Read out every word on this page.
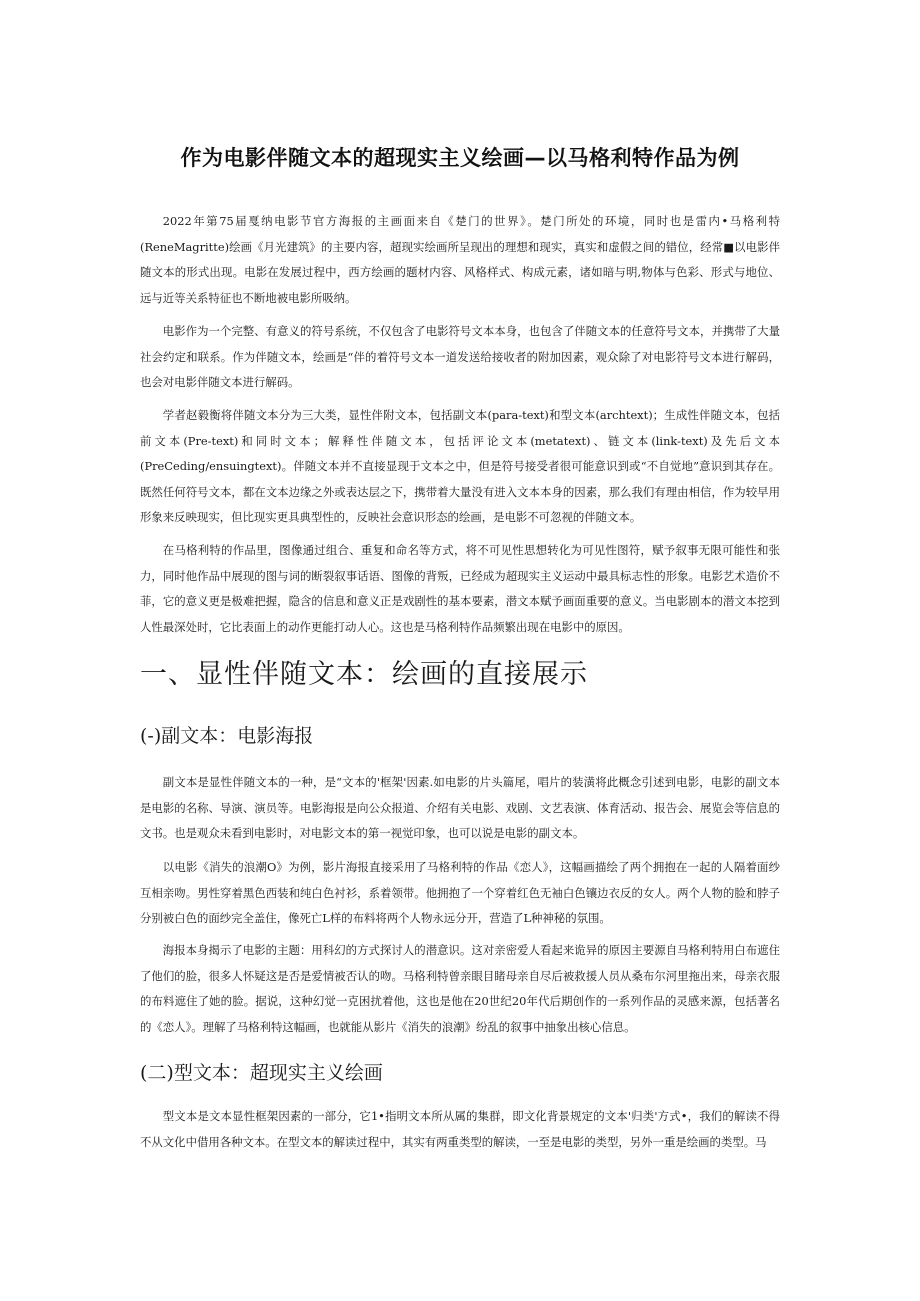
作为电影伴随文本的超现实主义绘画—以马格利特作品为例

2022年第75届戛纳电影节官方海报的主画面来自《楚门的世界》。楚门所处的环境，同时也是雷内•马格利特(ReneMagritte)绘画《月光建筑》的主要内容，超现实绘画所呈现出的理想和现实，真实和虚假之间的错位，经常■以电影伴随文本的形式出现。电影在发展过程中，西方绘画的题材内容、风格样式、构成元素，诸如暗与明,物体与色彩、形式与地位、远与近等关系特征也不断地被电影所吸纳。

电影作为一个完整、有意义的符号系统，不仅包含了电影符号文本本身，也包含了伴随文本的任意符号文本，并携带了大量社会约定和联系。作为伴随文本，绘画是“伴的着符号文本一道发送给接收者的附加因素，观众除了对电影符号文本进行解码，也会对电影伴随文本进行解码。

学者赵毅衡将伴随文本分为三大类，显性伴附文本，包括副文本(para-text)和型文本(archtext)；生成性伴随文本，包括前文本(Pre-text)和同时文本；解释性伴随文本，包括评论文本(metatext)、链文本(link-text)及先后文本(PreCeding/ensuingtext)。伴随文本并不直接显现于文本之中，但是符号接受者很可能意识到或“不自觉地”意识到其存在。既然任何符号文本，都在文本边缘之外或表达层之下，携带着大量没有进入文本本身的因素，那么我们有理由相信，作为较早用形象来反映现实，但比现实更具典型性的，反映社会意识形态的绘画，是电影不可忽视的伴随文本。

在马格利特的作品里，图像通过组合、重复和命名等方式，将不可见性思想转化为可见性图符，赋予叙事无限可能性和张力，同时他作品中展现的图与词的断裂叙事话语、图像的背叛，已经成为超现实主义运动中最具标志性的形象。电影艺术造价不菲，它的意义更是极难把握，隐含的信息和意义正是戏剧性的基本要素，潜文本赋予画面重要的意义。当电影剧本的潜文本挖到人性最深处时，它比表面上的动作更能打动人心。这也是马格利特作品频繁出现在电影中的原因。

一、显性伴随文本：绘画的直接展示
(-)副文本：电影海报

副文本是显性伴随文本的一种，是“文本的'框架'因素.如电影的片头篇尾，唱片的装潢将此概念引述到电影，电影的副文本是电影的名称、导演、演员等。电影海报是向公众报道、介绍有关电影、戏剧、文艺表演、体育活动、报告会、展览会等信息的文书。也是观众未看到电影时，对电影文本的第一视觉印象，也可以说是电影的副文本。

以电影《消失的浪潮O》为例，影片海报直接采用了马格利特的作品《恋人》，这幅画描绘了两个拥抱在一起的人隔着面纱互相亲吻。男性穿着黑色西装和纯白色衬衫，系着领带。他拥抱了一个穿着红色无袖白色镶边衣反的女人。两个人物的脸和脖子分别被白色的面纱完全盖住，像死亡L样的布料将两个人物永远分开，营造了L种神秘的氛围。

海报本身揭示了电影的主题：用科幻的方式探讨人的潜意识。这对亲密爱人看起来诡异的原因主要源自马格利特用白布遮住了他们的脸，很多人怀疑这是否是爱情被否认的吻。马格利特曾亲眼目睹母亲自尽后被救援人员从桑布尔河里拖出来，母亲衣服的布料遮住了她的脸。据说，这种幻觉一克困扰着他，这也是他在20世纪20年代后期创作的一系列作品的灵感来源，包括著名的《恋人》。理解了马格利特这幅画，也就能从影片《消失的浪潮》纷乱的叙事中抽象出核心信息。

(二)型文本：超现实主义绘画

型文本是文本显性框架因素的一部分，它1•指明文本所从属的集群，即文化背景规定的文本'归类'方式•，我们的解读不得不从文化中借用各种文本。在型文本的解读过程中，其实有两重类型的解读，一至是电影的类型，另外一重是绘画的类型。马
